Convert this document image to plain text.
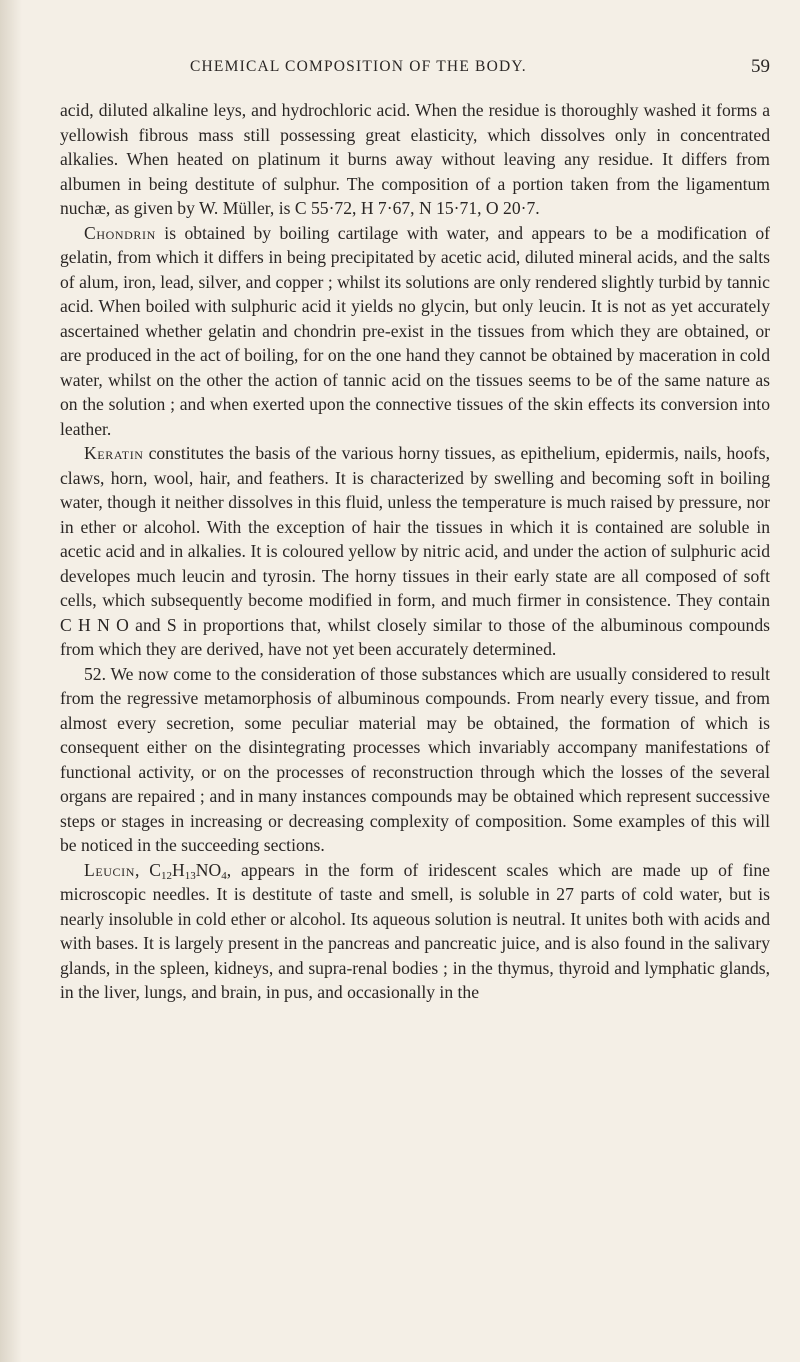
CHEMICAL COMPOSITION OF THE BODY.	59

acid, diluted alkaline leys, and hydrochloric acid. When the residue is thoroughly washed it forms a yellowish fibrous mass still possessing great elasticity, which dissolves only in concentrated alkalies. When heated on platinum it burns away without leaving any residue. It differs from albumen in being destitute of sulphur. The composition of a portion taken from the ligamentum nuchæ, as given by W. Müller, is C 55·72, H 7·67, N 15·71, O 20·7.

Chondrin is obtained by boiling cartilage with water, and appears to be a modification of gelatin, from which it differs in being precipitated by acetic acid, diluted mineral acids, and the salts of alum, iron, lead, silver, and copper ; whilst its solutions are only rendered slightly turbid by tannic acid. When boiled with sulphuric acid it yields no glycin, but only leucin. It is not as yet accurately ascertained whether gelatin and chondrin pre-exist in the tissues from which they are obtained, or are produced in the act of boiling, for on the one hand they cannot be obtained by maceration in cold water, whilst on the other the action of tannic acid on the tissues seems to be of the same nature as on the solution ; and when exerted upon the connective tissues of the skin effects its conversion into leather.

Keratin constitutes the basis of the various horny tissues, as epithelium, epidermis, nails, hoofs, claws, horn, wool, hair, and feathers. It is characterized by swelling and becoming soft in boiling water, though it neither dissolves in this fluid, unless the temperature is much raised by pressure, nor in ether or alcohol. With the exception of hair the tissues in which it is contained are soluble in acetic acid and in alkalies. It is coloured yellow by nitric acid, and under the action of sulphuric acid developes much leucin and tyrosin. The horny tissues in their early state are all composed of soft cells, which subsequently become modified in form, and much firmer in consistence. They contain C H N O and S in proportions that, whilst closely similar to those of the albuminous compounds from which they are derived, have not yet been accurately determined.

52. We now come to the consideration of those substances which are usually considered to result from the regressive metamorphosis of albuminous compounds. From nearly every tissue, and from almost every secretion, some peculiar material may be obtained, the formation of which is consequent either on the disintegrating processes which invariably accompany manifestations of functional activity, or on the processes of reconstruction through which the losses of the several organs are repaired ; and in many instances compounds may be obtained which represent successive steps or stages in increasing or decreasing complexity of composition. Some examples of this will be noticed in the succeeding sections.

Leucin, $C_{12}H_{13}NO_4$, appears in the form of iridescent scales which are made up of fine microscopic needles. It is destitute of taste and smell, is soluble in 27 parts of cold water, but is nearly insoluble in cold ether or alcohol. Its aqueous solution is neutral. It unites both with acids and with bases. It is largely present in the pancreas and pancreatic juice, and is also found in the salivary glands, in the spleen, kidneys, and supra-renal bodies ; in the thymus, thyroid and lymphatic glands, in the liver, lungs, and brain, in pus, and occasionally in the
